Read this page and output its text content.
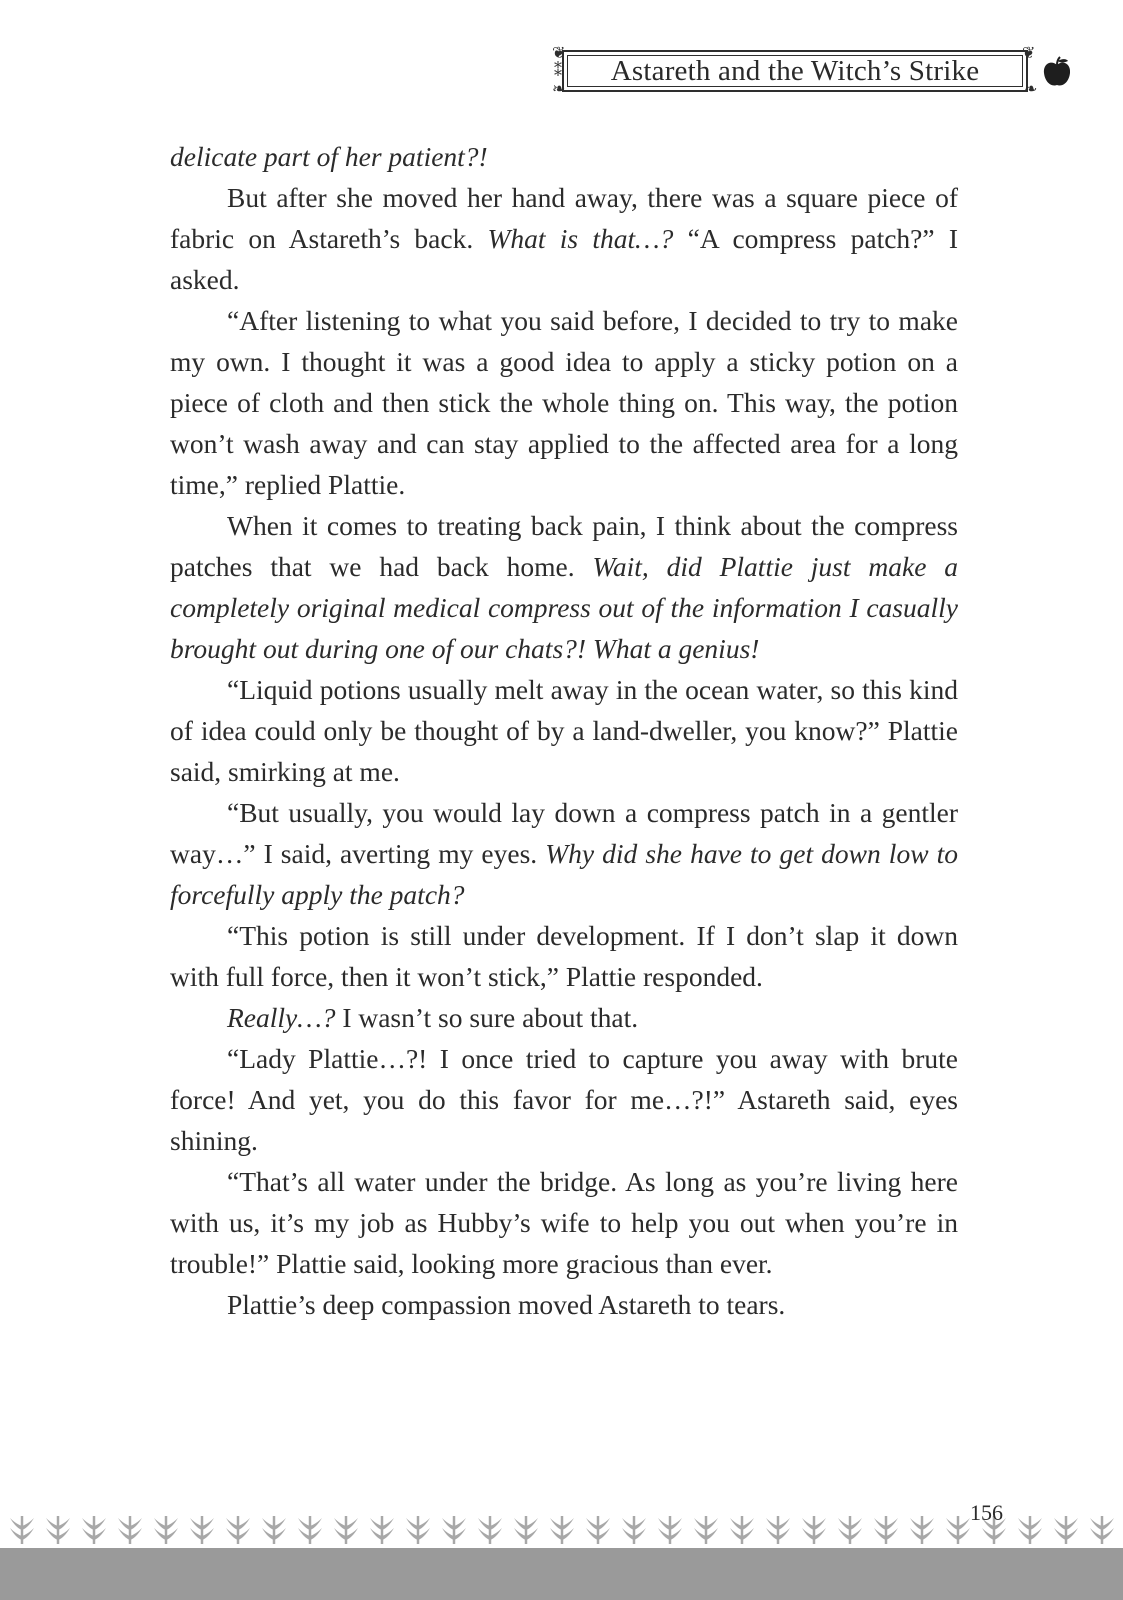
Astareth and the Witch’s Strike
❦
⁑
❧
❦
❧

delicate part of her patient?!

But after she moved her hand away, there was a square piece of fabric on Astareth’s back. What is that…? “A compress patch?” I asked.

“After listening to what you said before, I decided to try to make my own. I thought it was a good idea to apply a sticky potion on a piece of cloth and then stick the whole thing on. This way, the potion won’t wash away and can stay applied to the affected area for a long time,” replied Plattie.

When it comes to treating back pain, I think about the compress patches that we had back home. Wait, did Plattie just make a completely original medical compress out of the information I casually brought out during one of our chats?! What a genius!

“Liquid potions usually melt away in the ocean water, so this kind of idea could only be thought of by a land-dweller, you know?” Plattie said, smirking at me.

“But usually, you would lay down a compress patch in a gentler way…” I said, averting my eyes. Why did she have to get down low to forcefully apply the patch?

“This potion is still under development. If I don’t slap it down with full force, then it won’t stick,” Plattie responded.

Really…? I wasn’t so sure about that.

“Lady Plattie…?! I once tried to capture you away with brute force! And yet, you do this favor for me…?!” Astareth said, eyes shining.

“That’s all water under the bridge. As long as you’re living here with us, it’s my job as Hubby’s wife to help you out when you’re in trouble!” Plattie said, looking more gracious than ever.

Plattie’s deep compassion moved Astareth to tears.

156
